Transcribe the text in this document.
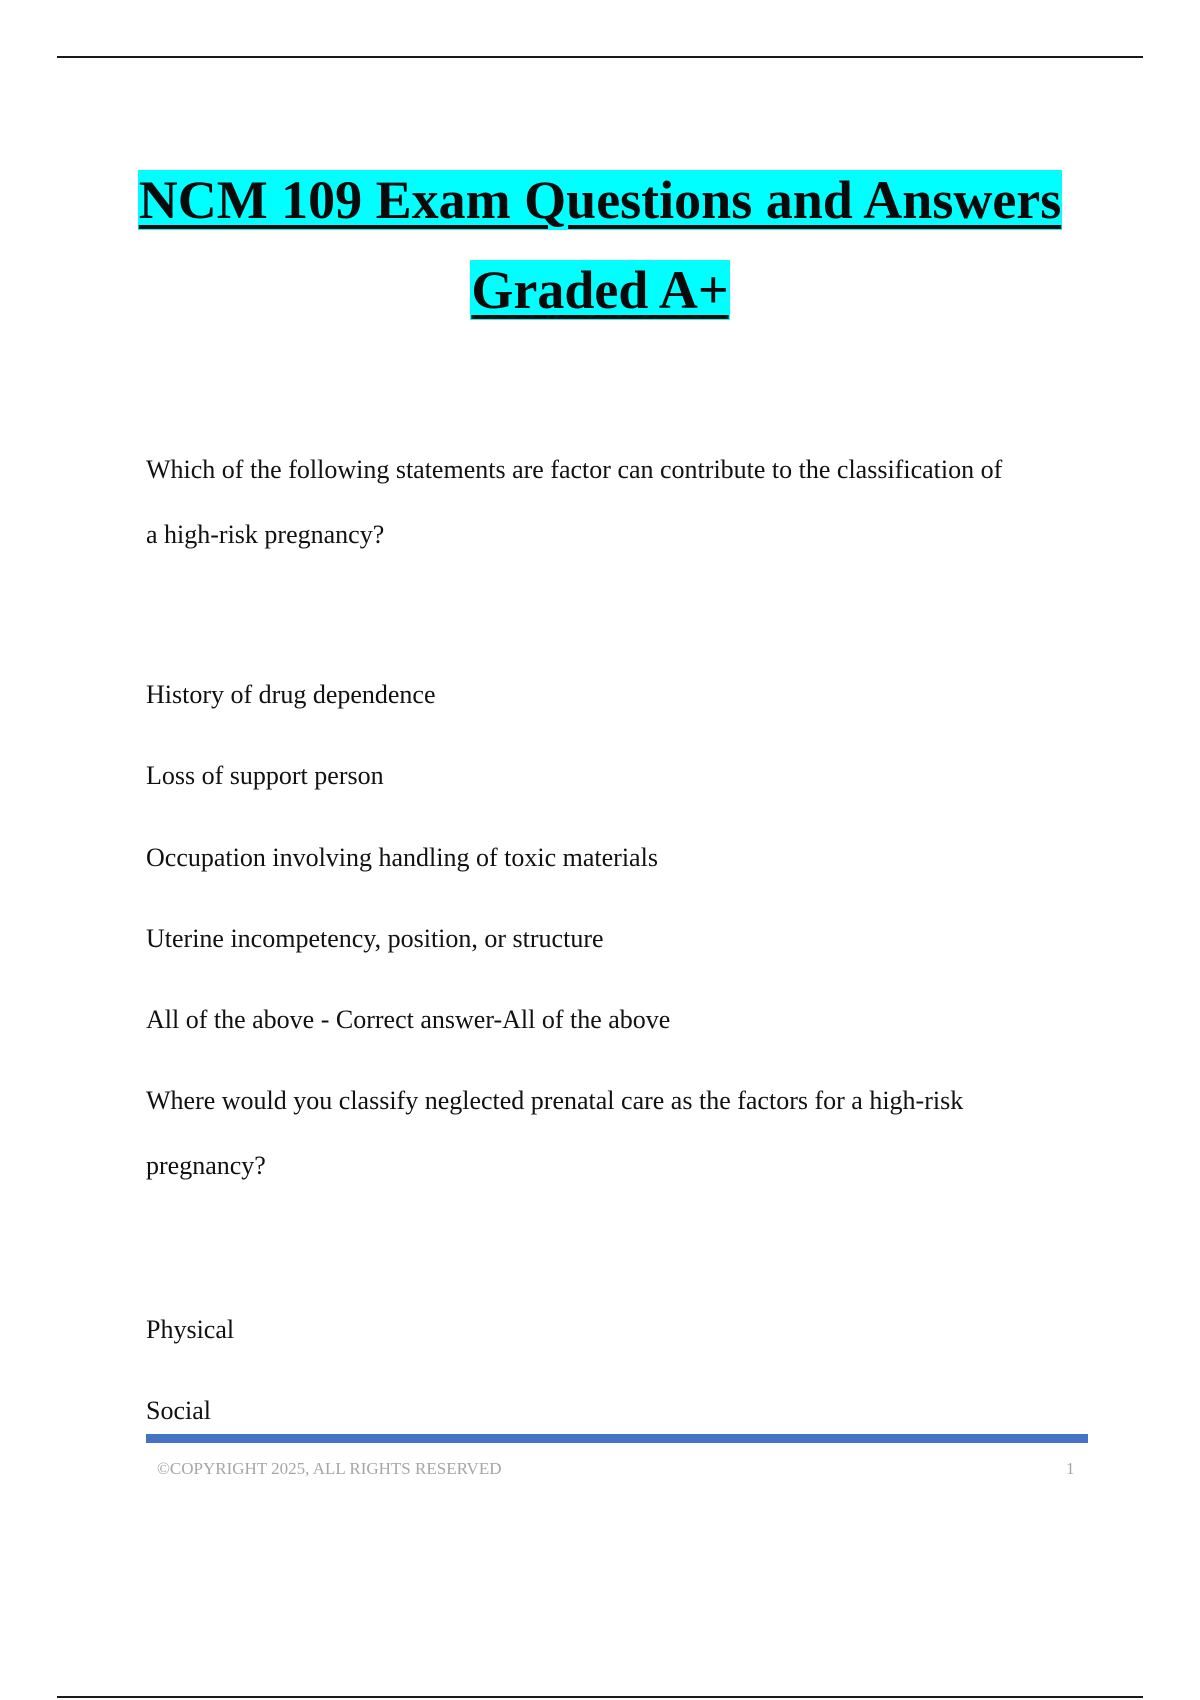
NCM 109 Exam Questions and Answers
Graded A+
Which of the following statements are factor can contribute to the classification of
a high-risk pregnancy?
History of drug dependence
Loss of support person
Occupation involving handling of toxic materials
Uterine incompetency, position, or structure
All of the above - Correct answer-All of the above
Where would you classify neglected prenatal care as the factors for a high-risk
pregnancy?
Physical
Social
©COPYRIGHT 2025, ALL RIGHTS RESERVED	1
